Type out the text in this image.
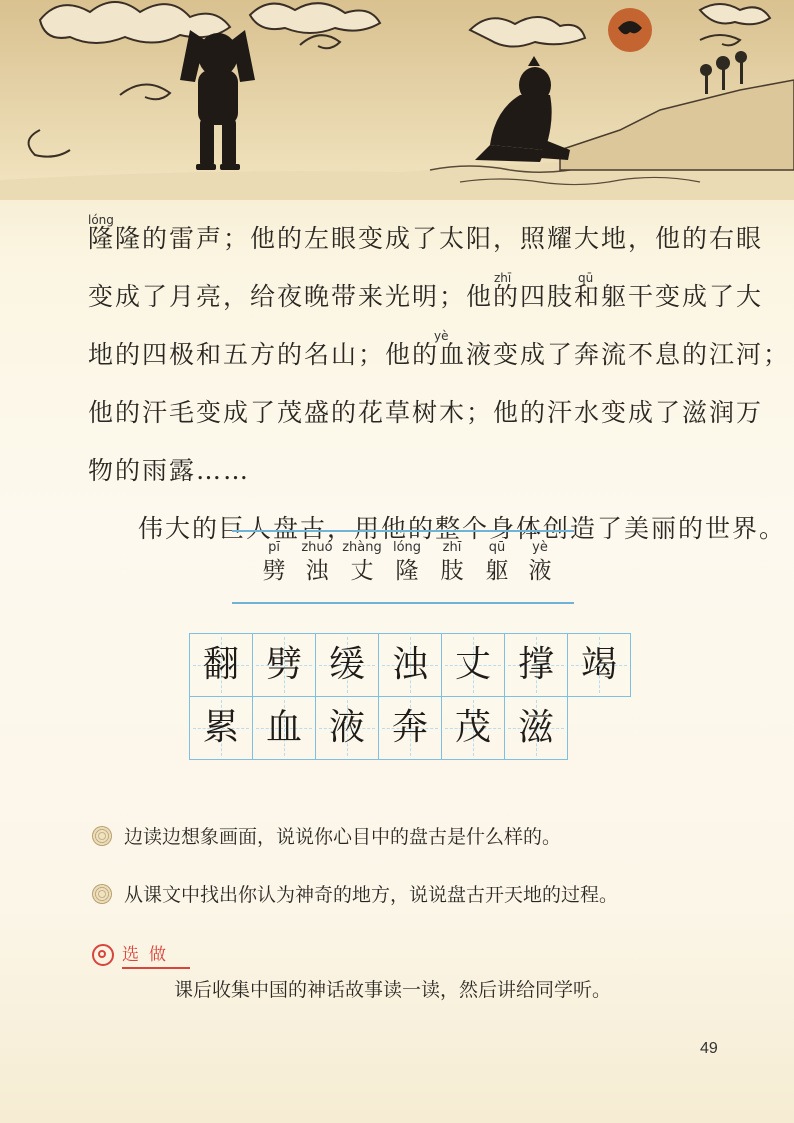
lóng
隆隆的雷声；他的左眼变成了太阳，照耀大地，他的右眼
zhī	qū
变成了月亮，给夜晚带来光明；他的四肢和躯干变成了大
yè
地的四极和五方的名山；他的血液变成了奔流不息的江河；
他的汗毛变成了茂盛的花草树木；他的汗水变成了滋润万
物的雨露……
伟大的巨人盘古，用他的整个身体创造了美丽的世界。
pī
劈
zhuó
浊
zhàng
丈
lóng
隆
zhī
肢
qū
躯
yè
液
翻 劈 缓 浊 丈 撑 竭
累 血 液 奔 茂 滋
边读边想象画面，说说你心目中的盘古是什么样的。
从课文中找出你认为神奇的地方，说说盘古开天地的过程。
选做
课后收集中国的神话故事读一读，然后讲给同学听。
49
